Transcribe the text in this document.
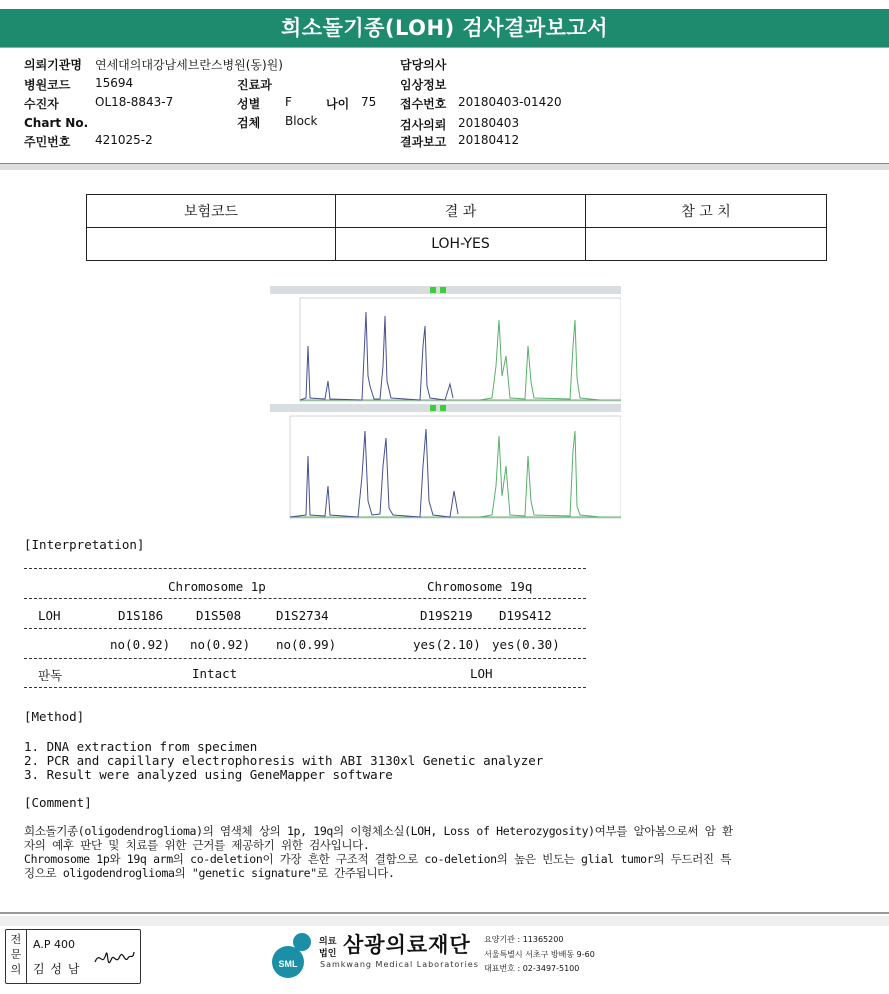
희소돌기종(LOH) 검사결과보고서
의뢰기관명 연세대의대강남세브란스병원(동)원)
병원코드 15694
수진자	OL18-8843-7
Chart No.
주민번호 421025-2
진료과
성별 F	나이 75
검체 Block
담당의사
임상정보
접수번호 20180403-01420
검사의뢰 20180403
결과보고 20180412
보험코드	결 과	참 고 치
	LOH-YES	
[Interpretation]
Chromosome 1p	Chromosome 19q
LOH	D1S186	D1S508	D1S2734	D19S219 D19S412
no(0.92) no(0.92) no(0.99)	yes(2.10) yes(0.30)
판독	Intact	LOH
[Method]
1. DNA extraction from specimen
2. PCR and capillary electrophoresis with ABI 3130xl Genetic analyzer
3. Result were analyzed using GeneMapper software
[Comment]
희소돌기종(oligodendroglioma)의 염색체 상의 1p, 19q의 이형체소실(LOH, Loss of Heterozygosity)여부를 알아봄으로써 암 환
자의 예후 판단 및 치료를 위한 근거를 제공하기 위한 검사입니다.
Chromosome 1p와 19q arm의 co-deletion이 가장 흔한 구조적 결함으로 co-deletion의 높은 빈도는 glial tumor의 두드러진 특
징으로 oligodendroglioma의 "genetic signature"로 간주됩니다.
전문의
A.P 400
김 성 남	SML
의료
법인 삼광의료재단
Samkwang Medical Laboratories
요양기관 : 11365200
서울특별시 서초구 방배동 9-60
대표번호 : 02-3497-5100
